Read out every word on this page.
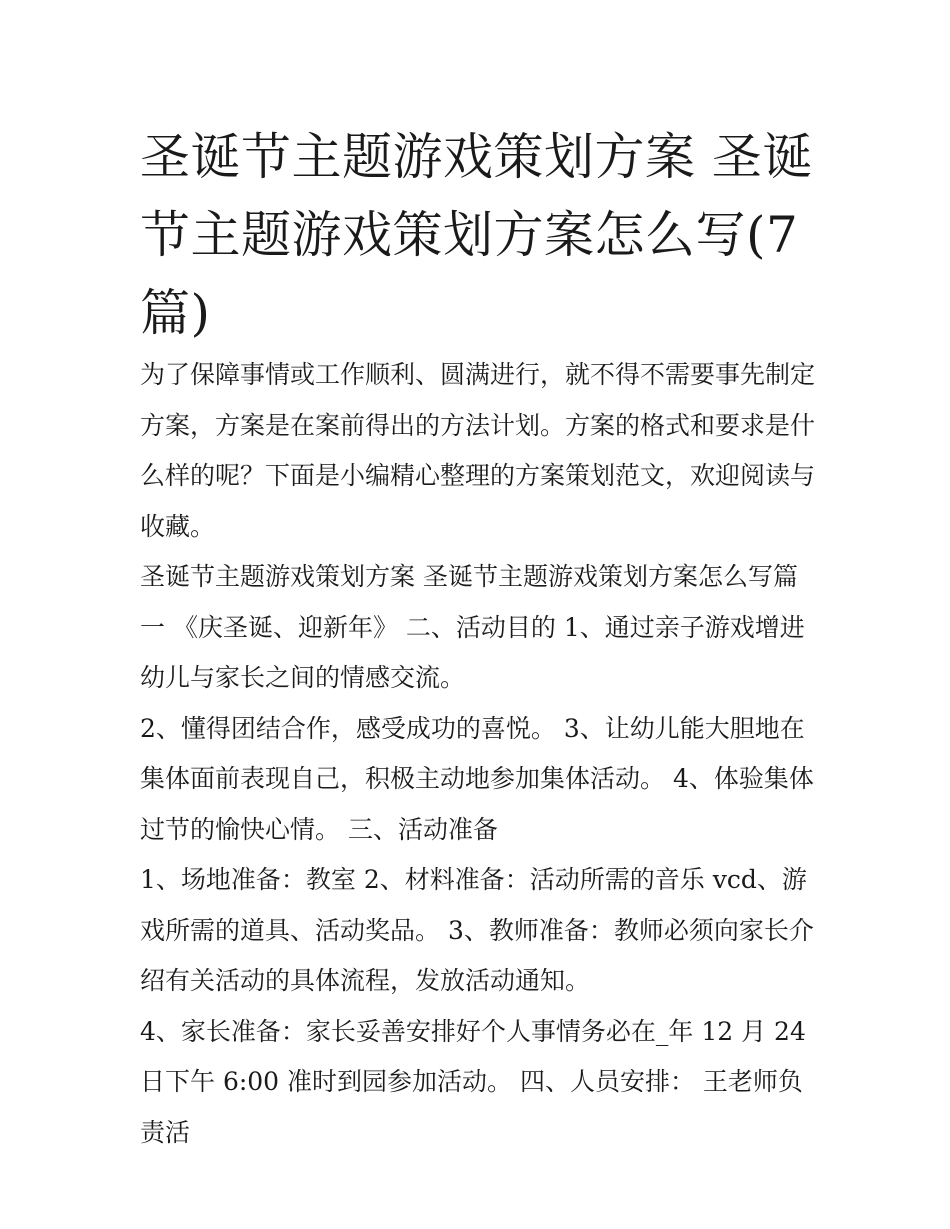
圣诞节主题游戏策划方案 圣诞节主题游戏策划方案怎么写(7篇)

为了保障事情或工作顺利、圆满进行，就不得不需要事先制定方案，方案是在案前得出的方法计划。方案的格式和要求是什么样的呢？下面是小编精心整理的方案策划范文，欢迎阅读与收藏。

圣诞节主题游戏策划方案 圣诞节主题游戏策划方案怎么写篇一 《庆圣诞、迎新年》 二、活动目的 1、通过亲子游戏增进幼儿与家长之间的情感交流。

2、懂得团结合作，感受成功的喜悦。 3、让幼儿能大胆地在集体面前表现自己，积极主动地参加集体活动。 4、体验集体过节的愉快心情。 三、活动准备

1、场地准备：教室 2、材料准备：活动所需的音乐 vcd、游戏所需的道具、活动奖品。 3、教师准备：教师必须向家长介绍有关活动的具体流程，发放活动通知。

4、家长准备：家长妥善安排好个人事情务必在_年 12 月 24 日下午 6:00 准时到园参加活动。 四、人员安排： 王老师负责活
